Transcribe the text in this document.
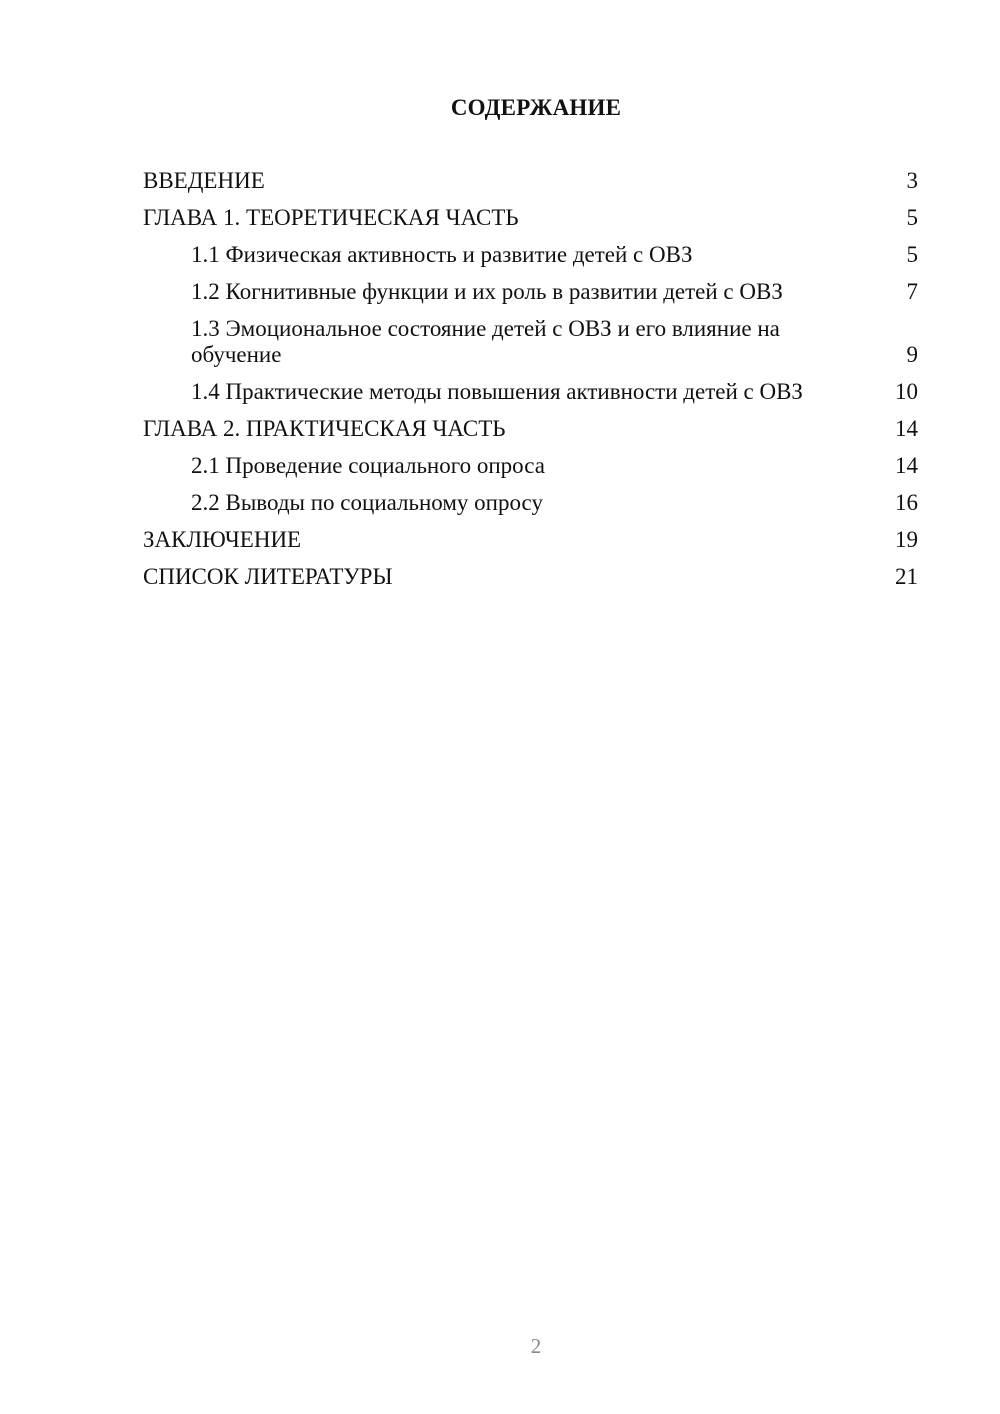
СОДЕРЖАНИЕ
ВВЕДЕНИЕ	3
ГЛАВА 1. ТЕОРЕТИЧЕСКАЯ ЧАСТЬ	5
1.1 Физическая активность и развитие детей с ОВЗ	5
1.2 Когнитивные функции и их роль в развитии детей с ОВЗ	7
1.3 Эмоциональное состояние детей с ОВЗ и его влияние на обучение	9
1.4 Практические методы повышения активности детей с ОВЗ	10
ГЛАВА 2. ПРАКТИЧЕСКАЯ ЧАСТЬ	14
2.1 Проведение социального опроса	14
2.2 Выводы по социальному опросу	16
ЗАКЛЮЧЕНИЕ	19
СПИСОК ЛИТЕРАТУРЫ	21
2
